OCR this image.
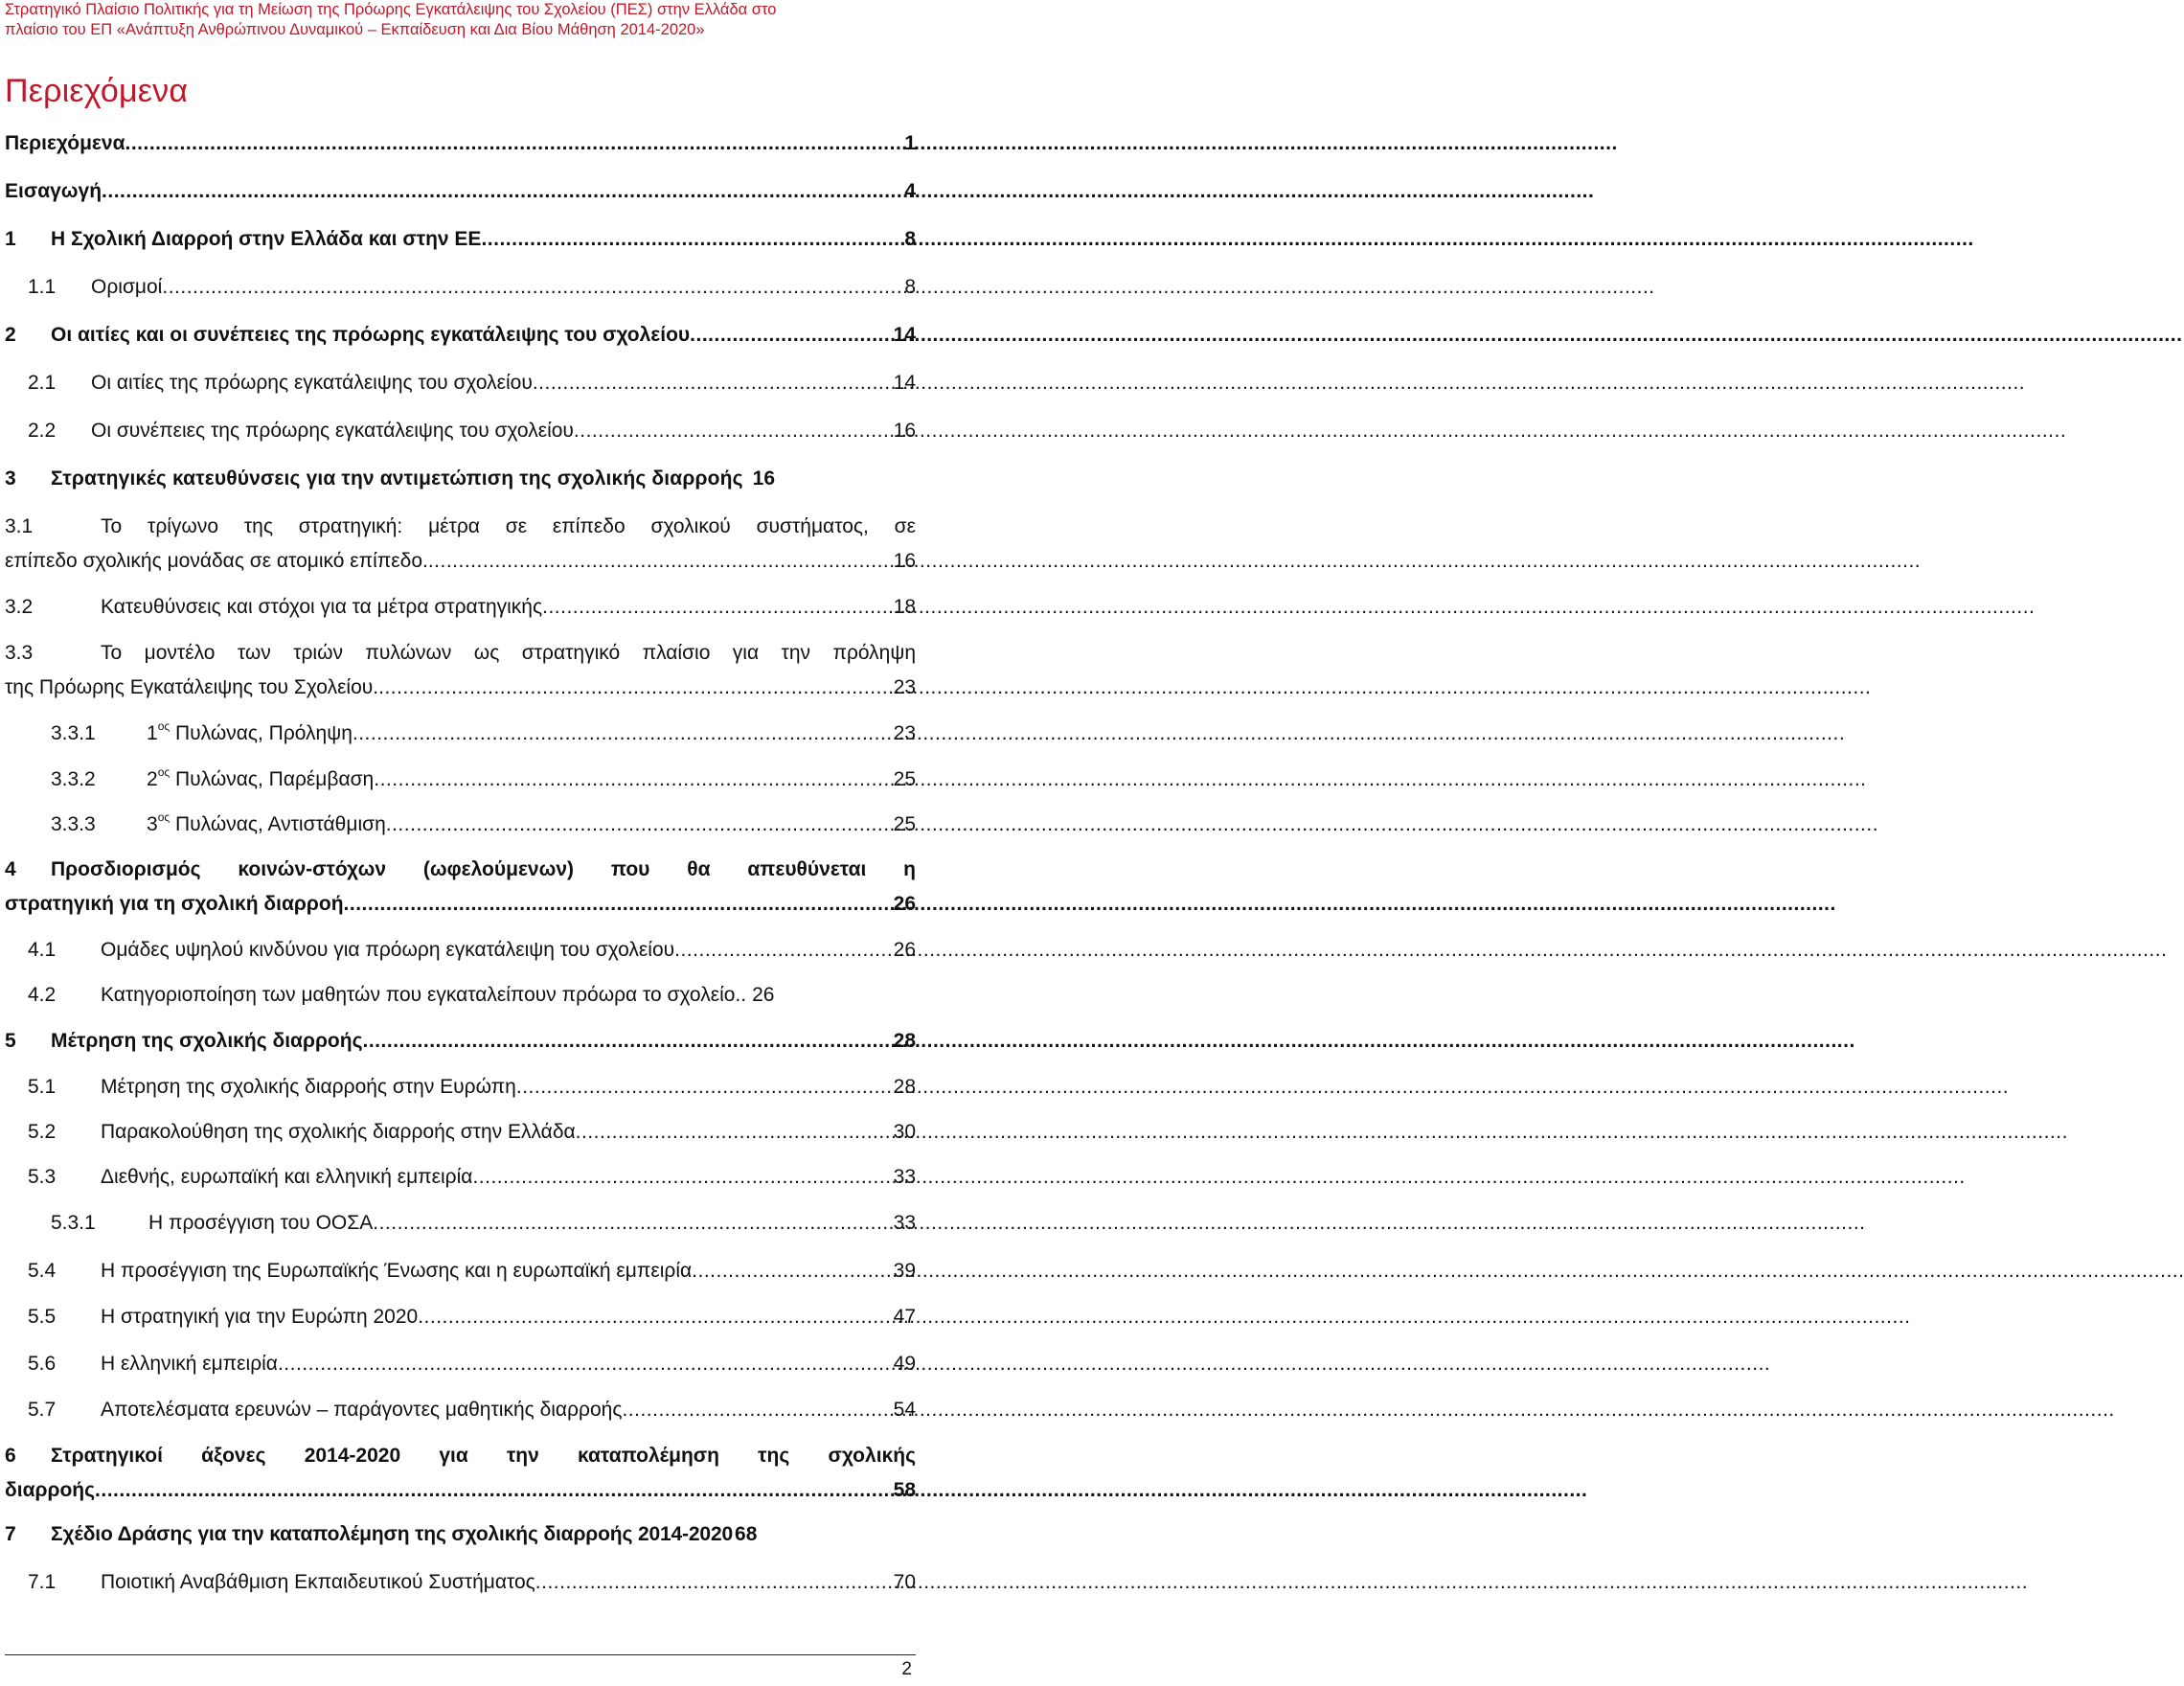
Στρατηγικό Πλαίσιο Πολιτικής για τη Μείωση της Πρόωρης Εγκατάλειψης του Σχολείου (ΠΕΣ) στην Ελλάδα στο
πλαίσιο του ΕΠ «Ανάπτυξη Ανθρώπινου Δυναμικού – Εκπαίδευση και Δια Βίου Μάθηση 2014-2020»
Περιεχόμενα
Περιεχόμενα .....	1
Εισαγωγή .....	4
1	Η Σχολική Διαρροή στην Ελλάδα και στην ΕΕ .....	8
1.1	Ορισμοί .....	8
2	Οι αιτίες και οι συνέπειες της πρόωρης εγκατάλειψης του σχολείου .....	14
2.1	Οι αιτίες της πρόωρης εγκατάλειψης του σχολείου .....	14
2.2	Οι συνέπειες της πρόωρης εγκατάλειψης του σχολείου .....	16
3	Στρατηγικές κατευθύνσεις για την αντιμετώπιση της σχολικής διαρροής 16
3.1	Το τρίγωνο της στρατηγική: μέτρα σε επίπεδο σχολικού συστήματος, σε
επίπεδο σχολικής μονάδας σε ατομικό επίπεδο. .....	16
3.2	Κατευθύνσεις και στόχοι για τα μέτρα στρατηγικής .....	18
3.3	Το μοντέλο των τριών πυλώνων ως στρατηγικό πλαίσιο για την πρόληψη
της Πρόωρης Εγκατάλειψης του Σχολείου. .....	23
3.3.1	$1^{o\varsigma}$ Πυλώνας, Πρόληψη .....	23
3.3.2	$2^{o\varsigma}$ Πυλώνας, Παρέμβαση .....	25
3.3.3	$3^{o\varsigma}$ Πυλώνας, Αντιστάθμιση .....	25
4	Προσδιορισμός κοινών-στόχων (ωφελούμενων) που θα απευθύνεται η
στρατηγική για τη σχολική διαρροή .....	26
4.1	Ομάδες υψηλού κινδύνου για πρόωρη εγκατάλειψη του σχολείου .....	26
4.2	Κατηγοριοποίηση των μαθητών που εγκαταλείπουν πρόωρα το σχολείο.. 26
5	Μέτρηση της σχολικής διαρροής .....	28
5.1	Μέτρηση της σχολικής διαρροής στην Ευρώπη .....	28
5.2	Παρακολούθηση της σχολικής διαρροής στην Ελλάδα .....	30
5.3	Διεθνής, ευρωπαϊκή και ελληνική εμπειρία .....	33
5.3.1	Η προσέγγιση του ΟΟΣΑ .....	33
5.4	Η προσέγγιση της Ευρωπαϊκής Ένωσης και η ευρωπαϊκή εμπειρία .....	39
5.5	Η στρατηγική για την Ευρώπη 2020 .....	47
5.6	Η ελληνική εμπειρία .....	49
5.7	Αποτελέσματα ερευνών – παράγοντες μαθητικής διαρροής .....	54
6	Στρατηγικοί άξονες 2014-2020 για την καταπολέμηση της σχολικής
διαρροής .....	58
7	Σχέδιο Δράσης για την καταπολέμηση της σχολικής διαρροής 2014-2020 68
7.1	Ποιοτική Αναβάθμιση Εκπαιδευτικού Συστήματος .....	70
2
